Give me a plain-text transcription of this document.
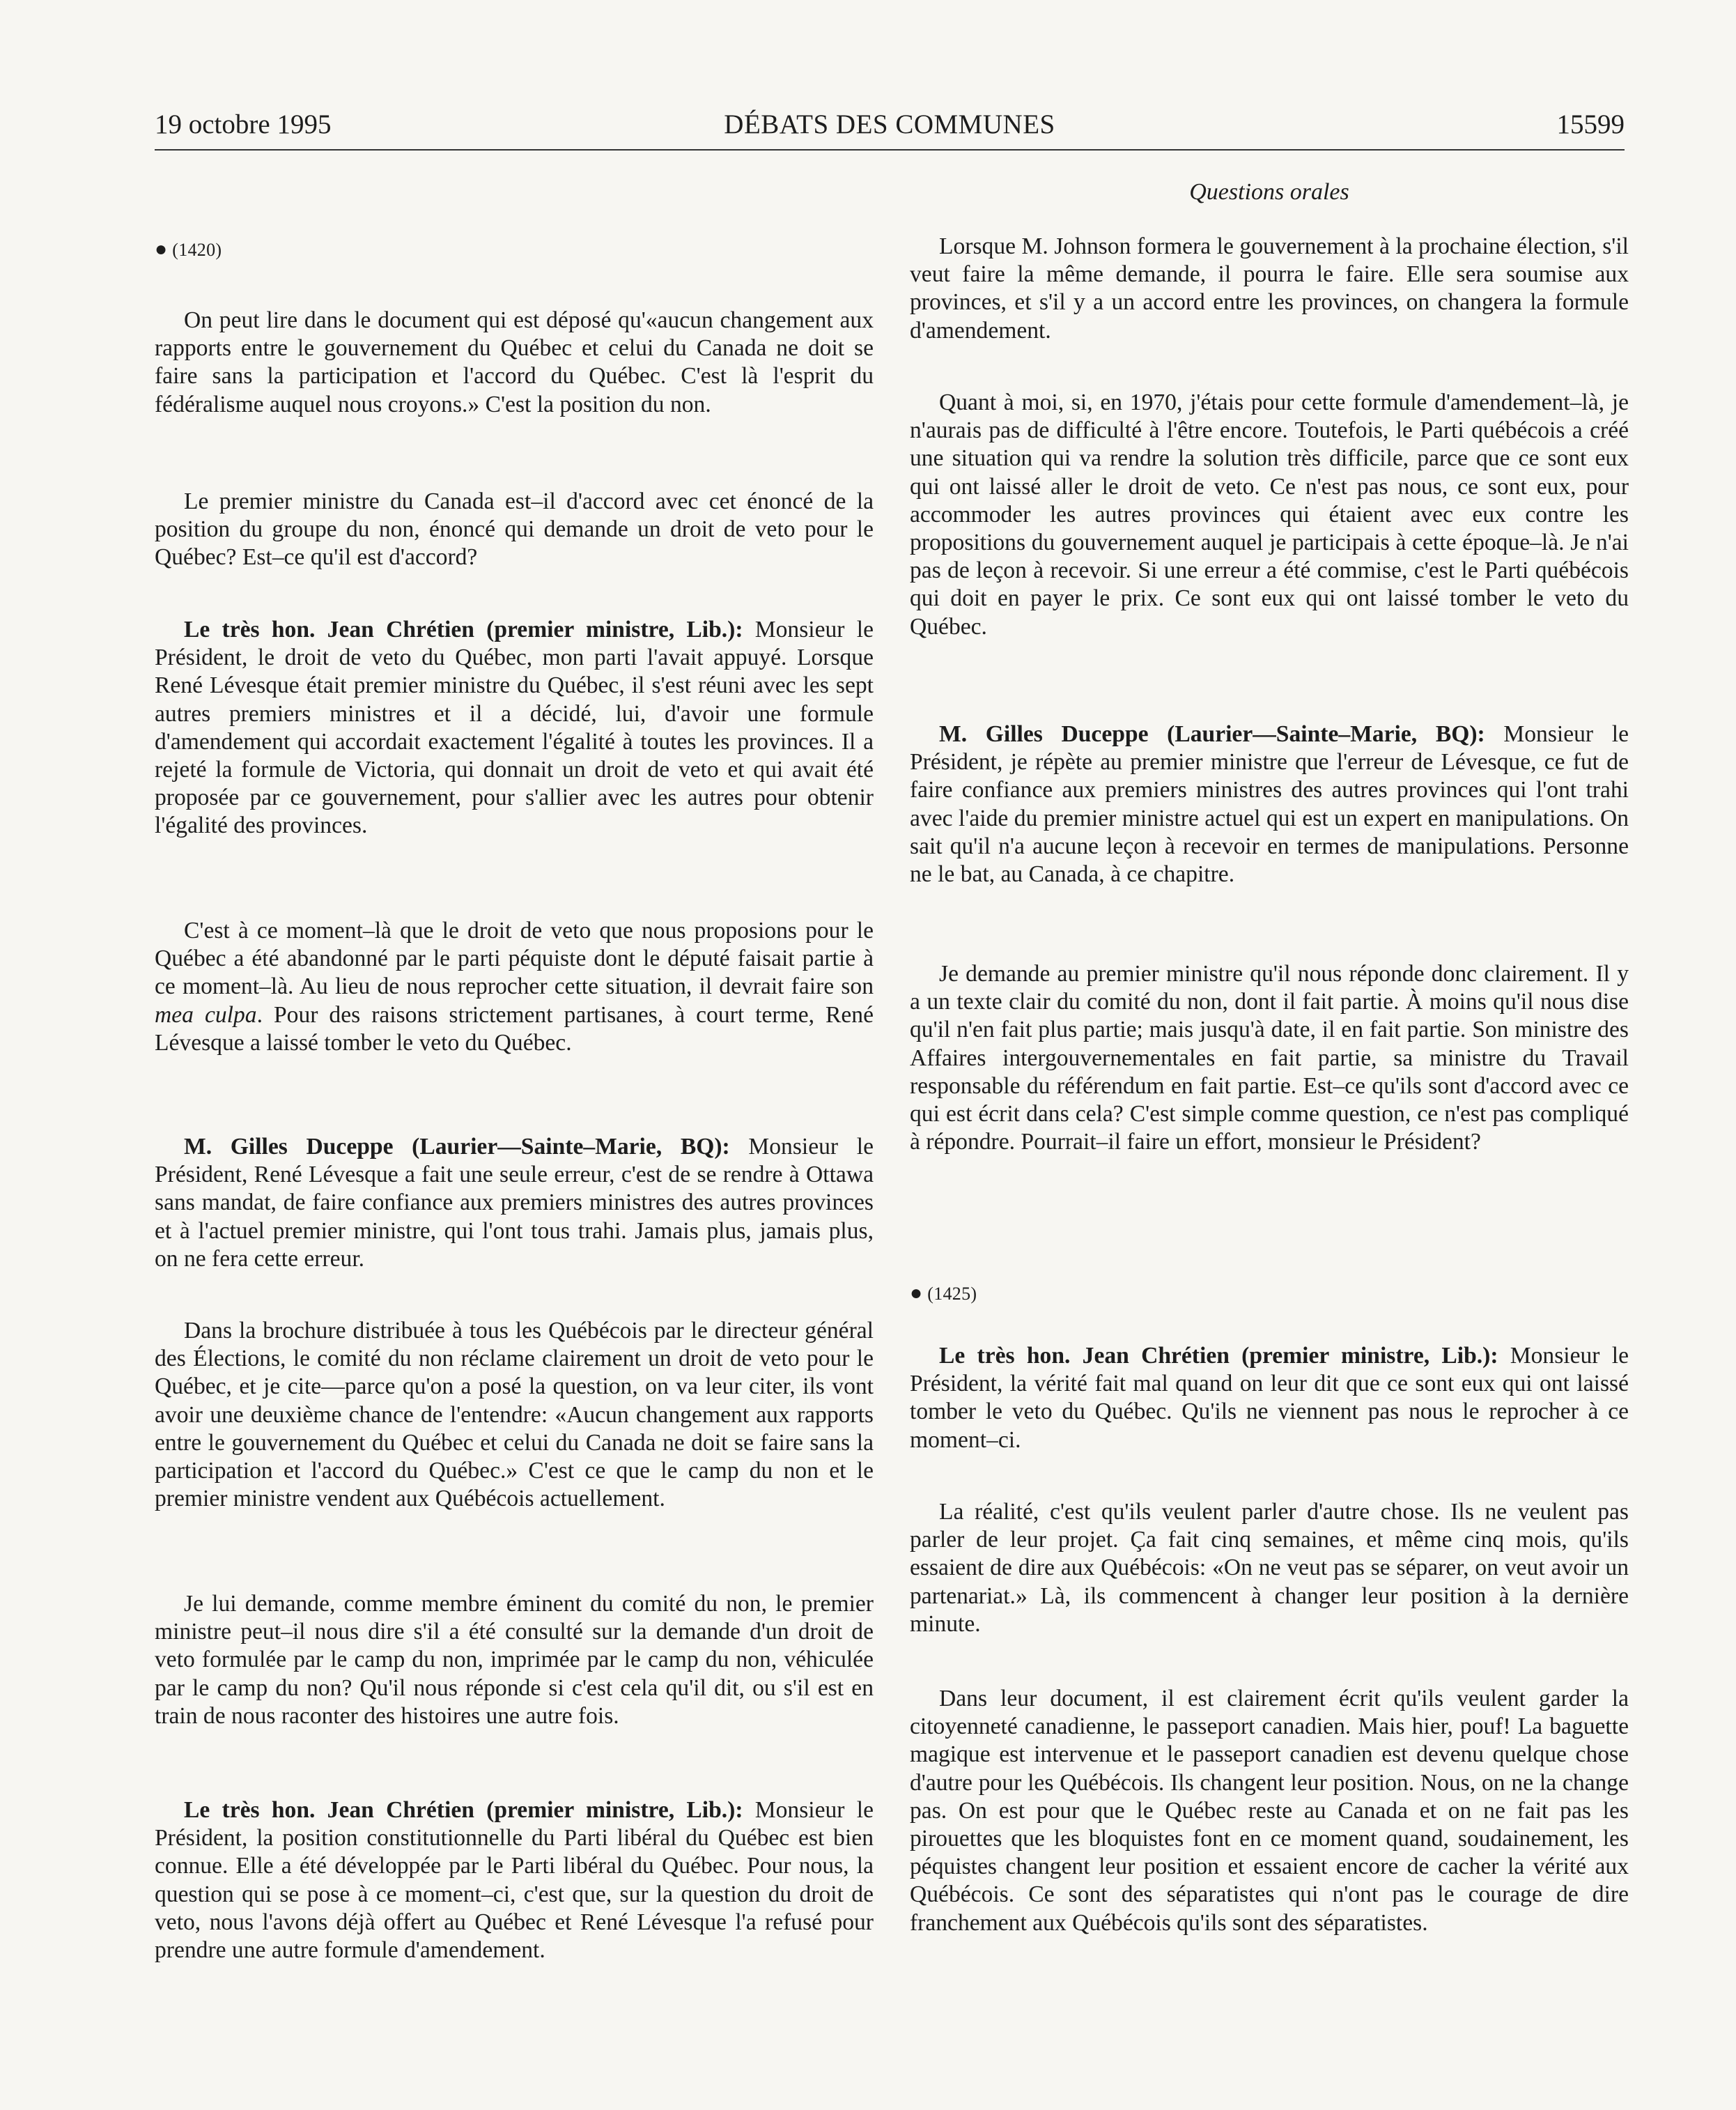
19 octobre 1995	DÉBATS DES COMMUNES	15599
● (1420)

On peut lire dans le document qui est déposé qu'«aucun changement aux rapports entre le gouvernement du Québec et celui du Canada ne doit se faire sans la participation et l'accord du Québec. C'est là l'esprit du fédéralisme auquel nous croyons.» C'est la position du non.

Le premier ministre du Canada est–il d'accord avec cet énoncé de la position du groupe du non, énoncé qui demande un droit de veto pour le Québec? Est–ce qu'il est d'accord?

Le très hon. Jean Chrétien (premier ministre, Lib.): Monsieur le Président, le droit de veto du Québec, mon parti l'avait appuyé. Lorsque René Lévesque était premier ministre du Québec, il s'est réuni avec les sept autres premiers ministres et il a décidé, lui, d'avoir une formule d'amendement qui accordait exactement l'égalité à toutes les provinces. Il a rejeté la formule de Victoria, qui donnait un droit de veto et qui avait été proposée par ce gouvernement, pour s'allier avec les autres pour obtenir l'égalité des provinces.

C'est à ce moment–là que le droit de veto que nous proposions pour le Québec a été abandonné par le parti péquiste dont le député faisait partie à ce moment–là. Au lieu de nous reprocher cette situation, il devrait faire son mea culpa. Pour des raisons strictement partisanes, à court terme, René Lévesque a laissé tomber le veto du Québec.

M. Gilles Duceppe (Laurier—Sainte–Marie, BQ): Monsieur le Président, René Lévesque a fait une seule erreur, c'est de se rendre à Ottawa sans mandat, de faire confiance aux premiers ministres des autres provinces et à l'actuel premier ministre, qui l'ont tous trahi. Jamais plus, jamais plus, on ne fera cette erreur.

Dans la brochure distribuée à tous les Québécois par le directeur général des Élections, le comité du non réclame clairement un droit de veto pour le Québec, et je cite—parce qu'on a posé la question, on va leur citer, ils vont avoir une deuxième chance de l'entendre: «Aucun changement aux rapports entre le gouvernement du Québec et celui du Canada ne doit se faire sans la participation et l'accord du Québec.» C'est ce que le camp du non et le premier ministre vendent aux Québécois actuellement.

Je lui demande, comme membre éminent du comité du non, le premier ministre peut–il nous dire s'il a été consulté sur la demande d'un droit de veto formulée par le camp du non, imprimée par le camp du non, véhiculée par le camp du non? Qu'il nous réponde si c'est cela qu'il dit, ou s'il est en train de nous raconter des histoires une autre fois.

Le très hon. Jean Chrétien (premier ministre, Lib.): Monsieur le Président, la position constitutionnelle du Parti libéral du Québec est bien connue. Elle a été développée par le Parti libéral du Québec. Pour nous, la question qui se pose à ce moment–ci, c'est que, sur la question du droit de veto, nous l'avons déjà offert au Québec et René Lévesque l'a refusé pour prendre une autre formule d'amendement.

Questions orales

Lorsque M. Johnson formera le gouvernement à la prochaine élection, s'il veut faire la même demande, il pourra le faire. Elle sera soumise aux provinces, et s'il y a un accord entre les provinces, on changera la formule d'amendement.

Quant à moi, si, en 1970, j'étais pour cette formule d'amendement–là, je n'aurais pas de difficulté à l'être encore. Toutefois, le Parti québécois a créé une situation qui va rendre la solution très difficile, parce que ce sont eux qui ont laissé aller le droit de veto. Ce n'est pas nous, ce sont eux, pour accommoder les autres provinces qui étaient avec eux contre les propositions du gouvernement auquel je participais à cette époque–là. Je n'ai pas de leçon à recevoir. Si une erreur a été commise, c'est le Parti québécois qui doit en payer le prix. Ce sont eux qui ont laissé tomber le veto du Québec.

M. Gilles Duceppe (Laurier—Sainte–Marie, BQ): Monsieur le Président, je répète au premier ministre que l'erreur de Lévesque, ce fut de faire confiance aux premiers ministres des autres provinces qui l'ont trahi avec l'aide du premier ministre actuel qui est un expert en manipulations. On sait qu'il n'a aucune leçon à recevoir en termes de manipulations. Personne ne le bat, au Canada, à ce chapitre.

Je demande au premier ministre qu'il nous réponde donc clairement. Il y a un texte clair du comité du non, dont il fait partie. À moins qu'il nous dise qu'il n'en fait plus partie; mais jusqu'à date, il en fait partie. Son ministre des Affaires intergouvernementales en fait partie, sa ministre du Travail responsable du référendum en fait partie. Est–ce qu'ils sont d'accord avec ce qui est écrit dans cela? C'est simple comme question, ce n'est pas compliqué à répondre. Pourrait–il faire un effort, monsieur le Président?

● (1425)

Le très hon. Jean Chrétien (premier ministre, Lib.): Monsieur le Président, la vérité fait mal quand on leur dit que ce sont eux qui ont laissé tomber le veto du Québec. Qu'ils ne viennent pas nous le reprocher à ce moment–ci.

La réalité, c'est qu'ils veulent parler d'autre chose. Ils ne veulent pas parler de leur projet. Ça fait cinq semaines, et même cinq mois, qu'ils essaient de dire aux Québécois: «On ne veut pas se séparer, on veut avoir un partenariat.» Là, ils commencent à changer leur position à la dernière minute.

Dans leur document, il est clairement écrit qu'ils veulent garder la citoyenneté canadienne, le passeport canadien. Mais hier, pouf! La baguette magique est intervenue et le passeport canadien est devenu quelque chose d'autre pour les Québécois. Ils changent leur position. Nous, on ne la change pas. On est pour que le Québec reste au Canada et on ne fait pas les pirouettes que les bloquistes font en ce moment quand, soudainement, les péquistes changent leur position et essaient encore de cacher la vérité aux Québécois. Ce sont des séparatistes qui n'ont pas le courage de dire franchement aux Québécois qu'ils sont des séparatistes.
